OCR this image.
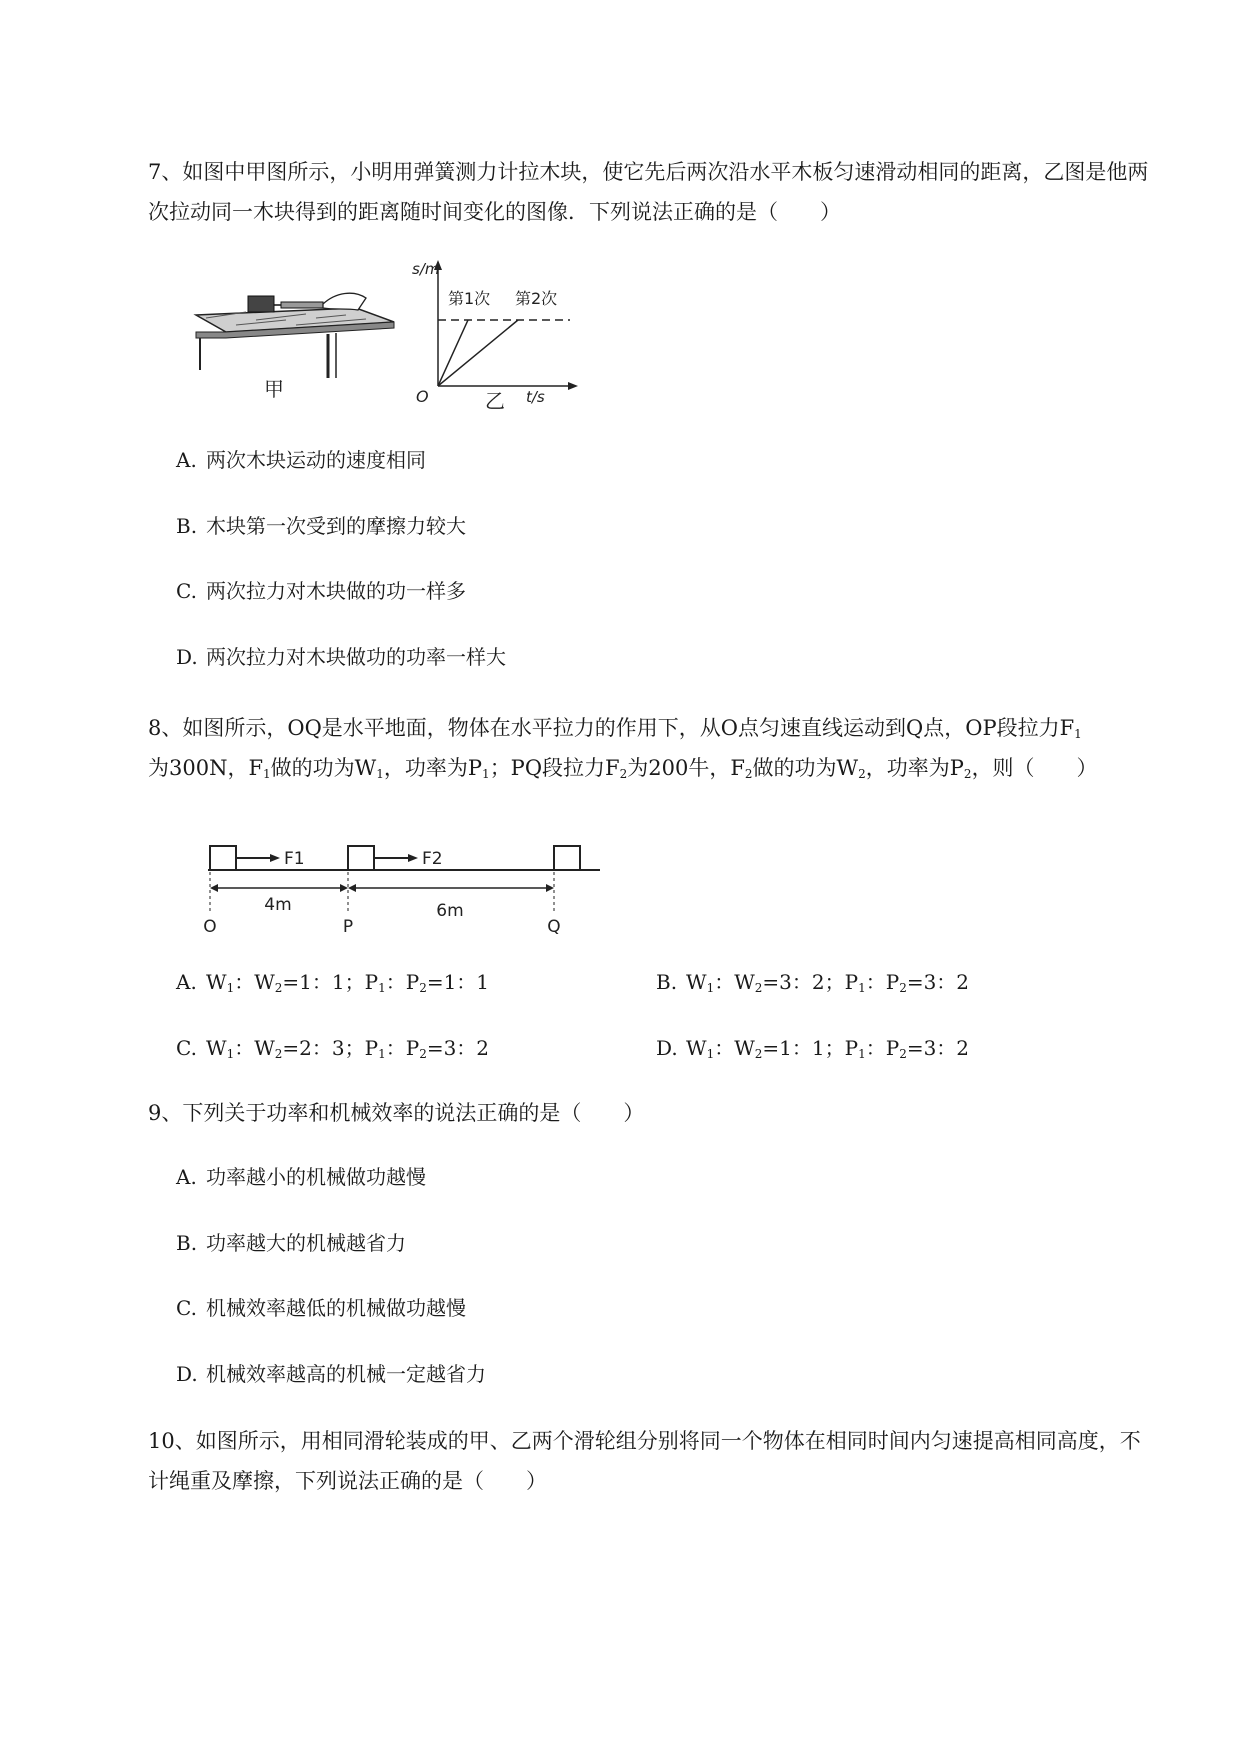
7、如图中甲图所示，小明用弹簧测力计拉木块，使它先后两次沿水平木板匀速滑动相同的距离，乙图是他两次拉动同一木块得到的距离随时间变化的图像．下列说法正确的是（　　）
甲
s/m
t/s
O
第1次 第2次
乙
A. 两次木块运动的速度相同
B. 木块第一次受到的摩擦力较大
C. 两次拉力对木块做的功一样多
D. 两次拉力对木块做功的功率一样大
8、如图所示，OQ是水平地面，物体在水平拉力的作用下，从O点匀速直线运动到Q点，OP段拉力$F_1$
为300N，$F_1$做的功为$W_1$，功率为$P_1$；PQ段拉力$F_2$为200牛，$F_2$做的功为$W_2$，功率为$P_2$，则（　　）
F1	F2
4m	6m
O	P	Q
A. $W_1$：$W_2=1$：1；$P_1$：$P_2=1$：1	B. $W_1$：$W_2=3$：2；$P_1$：$P_2=3$：2
C. $W_1$：$W_2=2$：3；$P_1$：$P_2=3$：2	D. $W_1$：$W_2=1$：1；$P_1$：$P_2=3$：2
9、下列关于功率和机械效率的说法正确的是（　　）
A. 功率越小的机械做功越慢
B. 功率越大的机械越省力
C. 机械效率越低的机械做功越慢
D. 机械效率越高的机械一定越省力
10、如图所示，用相同滑轮装成的甲、乙两个滑轮组分别将同一个物体在相同时间内匀速提高相同高度，不计绳重及摩擦，下列说法正确的是（　　）
